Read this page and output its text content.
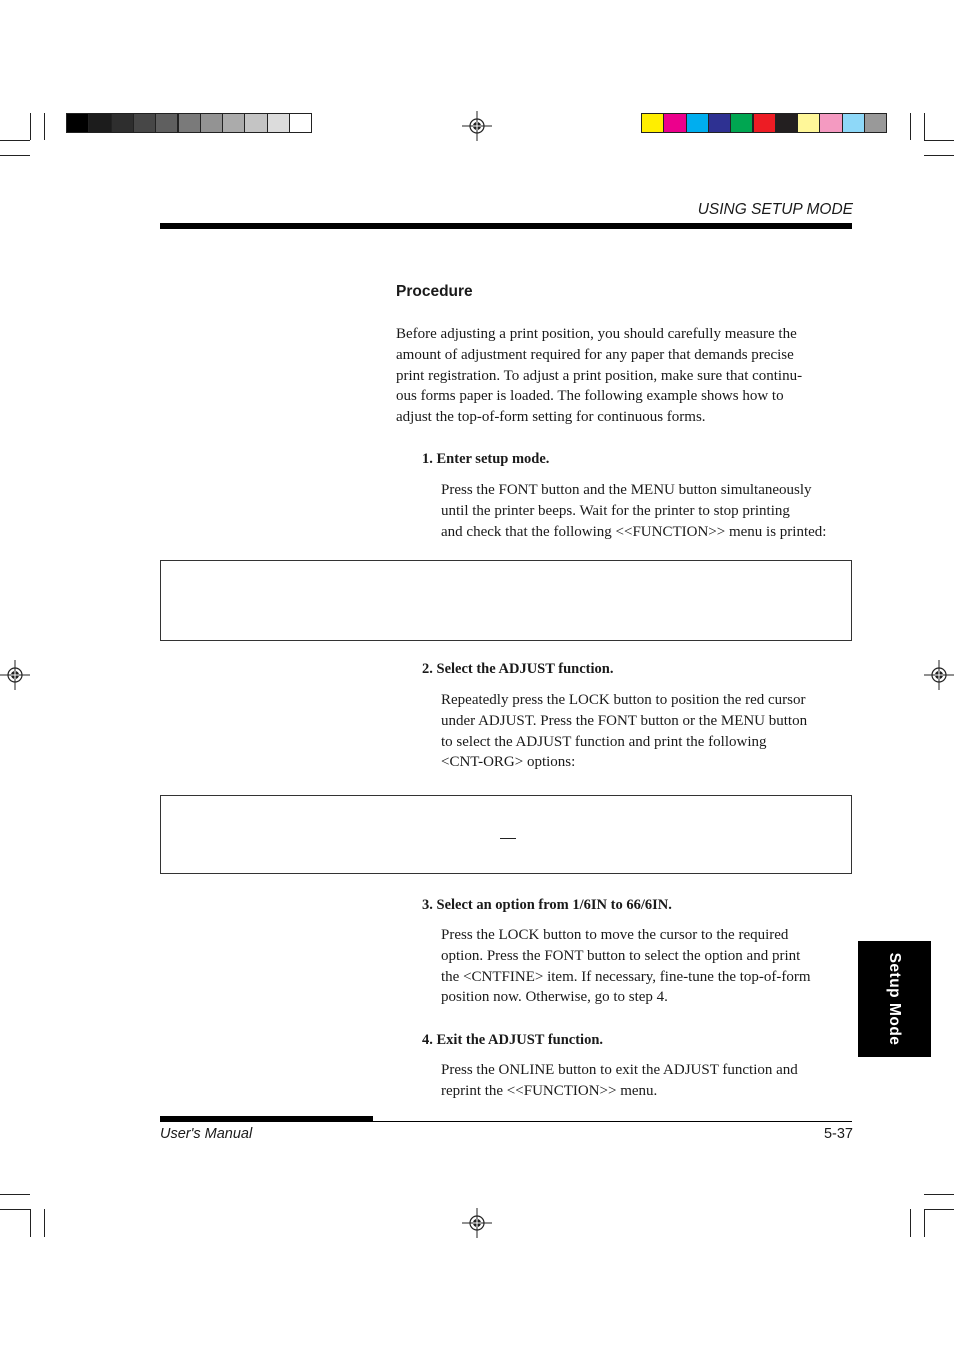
USING SETUP MODE
Procedure
Before adjusting a print position, you should carefully measure the
amount of adjustment required for any paper that demands precise
print registration. To adjust a print position, make sure that continu-
ous forms paper is loaded. The following example shows how to
adjust the top-of-form setting for continuous forms.
1. Enter setup mode.
Press the FONT button and the MENU button simultaneously
until the printer beeps. Wait for the printer to stop printing
and check that the following <<FUNCTION>> menu is printed:
2. Select the ADJUST function.
Repeatedly press the LOCK button to position the red cursor
under ADJUST. Press the FONT button or the MENU button
to select the ADJUST function and print the following
<CNT-ORG> options:
3. Select an option from 1/6IN to 66/6IN.
Press the LOCK button to move the cursor to the required
option. Press the FONT button to select the option and print
the <CNTFINE> item. If necessary, fine-tune the top-of-form
position now. Otherwise, go to step 4.
4. Exit the ADJUST function.
Press the ONLINE button to exit the ADJUST function and
reprint the <<FUNCTION>> menu.
Setup Mode
User's Manual	5-37
